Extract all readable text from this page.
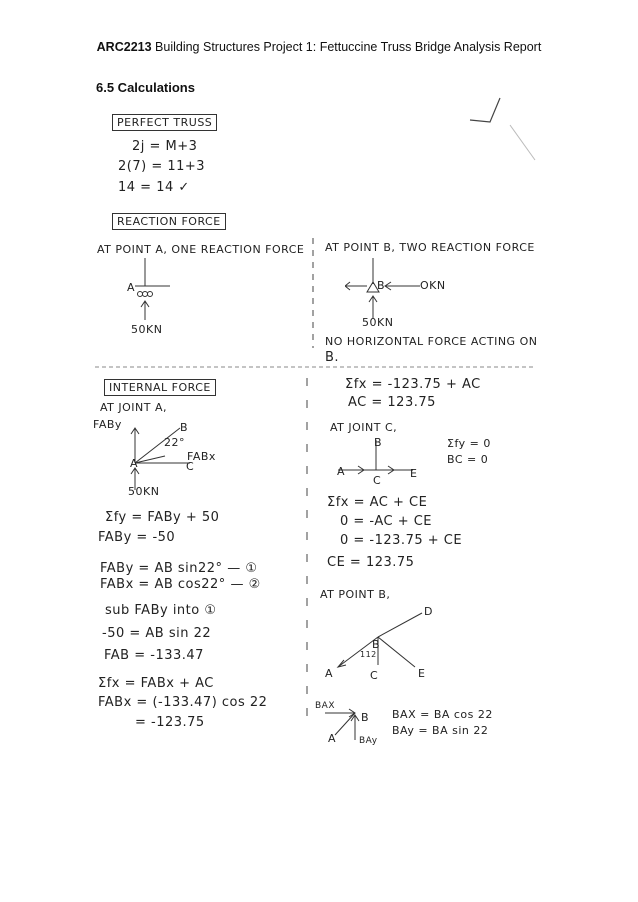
ARC2213 Building Structures Project 1: Fettuccine Truss Bridge Analysis Report
6.5 Calculations
PERFECT TRUSS
2j = M+3
2(7) = 11+3
14 = 14 ✓
REACTION FORCE
AT POINT A, ONE REACTION FORCE AT POINT B, TWO REACTION FORCE
A
50KN
B	OKN
50KN
NO HORIZONTAL FORCE ACTING ON
B.
INTERNAL FORCE
AT JOINT A,
FABy	B
22°
FABx
A	C
50KN
Σfy = FABy + 50
FABy = -50
FABy = AB sin22° — ①
FABx = AB cos22° — ②
sub FABy into ①
-50 = AB sin 22
FAB = -133.47
Σfx = FABx + AC
FABx = (-133.47) cos 22
= -123.75
Σfx = -123.75 + AC
AC = 123.75
AT JOINT C,
B
A
C
E
Σfy = 0
BC = 0
Σfx = AC + CE
0 = -AC + CE
0 = -123.75 + CE
CE = 123.75
AT POINT B,
D
B
112
A	C	E
BAX
B
A	BAy
BAX = BA cos 22
BAy = BA sin 22
